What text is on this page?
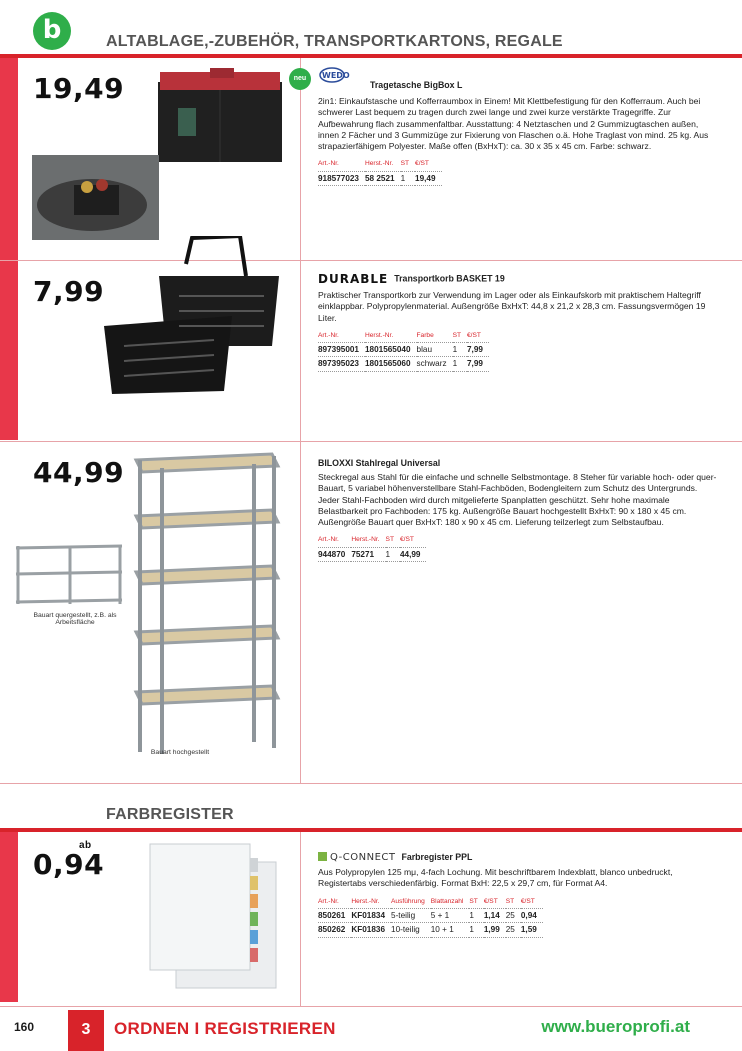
b	ALTABLAGE,-ZUBEHÖR, TRANSPORTKARTONS, REGALE
19,49	neu	WEDO
Tragetasche BigBox L
2in1: Einkaufstasche und Kofferraumbox in Einem! Mit Klettbefestigung für den Kofferraum. Auch bei schwerer Last bequem zu tragen durch zwei lange und zwei kurze verstärkte Tragegriffe. Zur Aufbewahrung flach zusammenfaltbar. Ausstattung: 4 Netztaschen und 2 Gummizugtaschen außen, innen 2 Fächer und 3 Gummizüge zur Fixierung von Flaschen o.ä. Hohe Traglast von mind. 25 kg. Aus strapazierfähigem Polyester. Maße offen (BxHxT): ca. 30 x 35 x 45 cm. Farbe: schwarz.
Art.-Nr.	Herst.-Nr.	ST	€/ST
918577023	58 2521	1	19,49
7,99	DURABLE Transportkorb BASKET 19
Praktischer Transportkorb zur Verwendung im Lager oder als Einkaufskorb mit praktischem Haltegriff einklappbar. Polypropylenmaterial. Außengröße BxHxT: 44,8 x 21,2 x 28,3 cm. Fassungsvermögen 19 Liter.
Art.-Nr.	Herst.-Nr.	Farbe	ST	€/ST
897395001	1801565040	blau	1	7,99
897395023	1801565060	schwarz	1	7,99
44,99
Bauart quergestellt, z.B. als Arbeitsfläche
Bauart hochgestellt
BILOXXI Stahlregal Universal
Steckregal aus Stahl für die einfache und schnelle Selbstmontage. 8 Steher für variable hoch- oder quer-Bauart, 5 variabel höhenverstellbare Stahl-Fachböden, Bodengleitern zum Schutz des Untergrunds. Jeder Stahl-Fachboden wird durch mitgelieferte Spanplatten geschützt. Sehr hohe maximale Belastbarkeit pro Fachboden: 175 kg. Außengröße Bauart hochgestellt BxHxT: 90 x 180 x 45 cm. Außengröße Bauart quer BxHxT: 180 x 90 x 45 cm. Lieferung teilzerlegt zum Selbstaufbau.
Art.-Nr.	Herst.-Nr.	ST	€/ST
944870	75271	1	44,99
FARBREGISTER
ab
0,94	Q-CONNECT Farbregister PPL
Aus Polypropylen 125 mμ, 4-fach Lochung. Mit beschriftbarem Indexblatt, blanco unbedruckt, Registertabs verschiedenfärbig. Format BxH: 22,5 x 29,7 cm, für Format A4.
Art.-Nr.	Herst.-Nr.	Ausführung	Blattanzahl	ST	€/ST	ST	€/ST
850261	KF01834	5-teilig	5 + 1	1	1,14	25	0,94
850262	KF01836	10-teilig	10 + 1	1	1,99	25	1,59
160	3	ORDNEN I REGISTRIEREN	www.bueroprofi.at
